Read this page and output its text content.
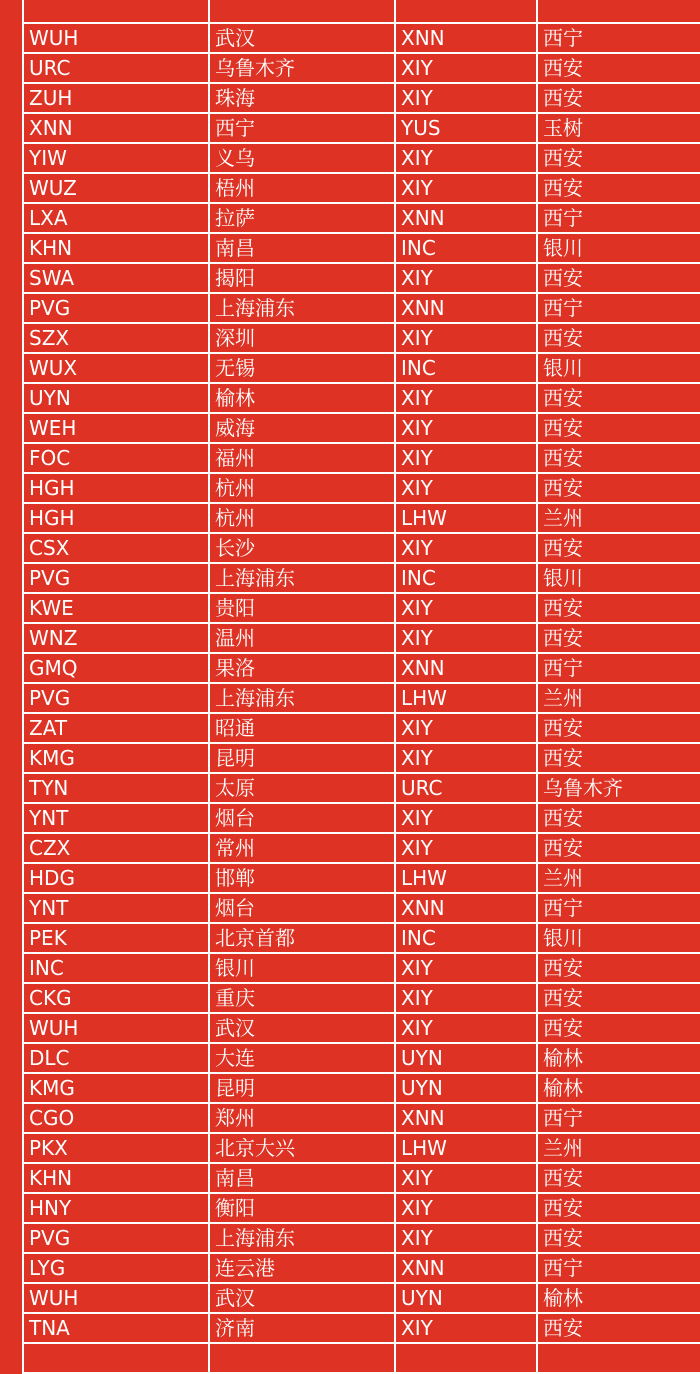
WUH	武汉	XNN	西宁
URC	乌鲁木齐	XIY	西安
ZUH	珠海	XIY	西安
XNN	西宁	YUS	玉树
YIW	义乌	XIY	西安
WUZ	梧州	XIY	西安
LXA	拉萨	XNN	西宁
KHN	南昌	INC	银川
SWA	揭阳	XIY	西安
PVG	上海浦东	XNN	西宁
SZX	深圳	XIY	西安
WUX	无锡	INC	银川
UYN	榆林	XIY	西安
WEH	威海	XIY	西安
FOC	福州	XIY	西安
HGH	杭州	XIY	西安
HGH	杭州	LHW	兰州
CSX	长沙	XIY	西安
PVG	上海浦东	INC	银川
KWE	贵阳	XIY	西安
WNZ	温州	XIY	西安
GMQ	果洛	XNN	西宁
PVG	上海浦东	LHW	兰州
ZAT	昭通	XIY	西安
KMG	昆明	XIY	西安
TYN	太原	URC	乌鲁木齐
YNT	烟台	XIY	西安
CZX	常州	XIY	西安
HDG	邯郸	LHW	兰州
YNT	烟台	XNN	西宁
PEK	北京首都	INC	银川
INC	银川	XIY	西安
CKG	重庆	XIY	西安
WUH	武汉	XIY	西安
DLC	大连	UYN	榆林
KMG	昆明	UYN	榆林
CGO	郑州	XNN	西宁
PKX	北京大兴	LHW	兰州
KHN	南昌	XIY	西安
HNY	衡阳	XIY	西安
PVG	上海浦东	XIY	西安
LYG	连云港	XNN	西宁
WUH	武汉	UYN	榆林
TNA	济南	XIY	西安
